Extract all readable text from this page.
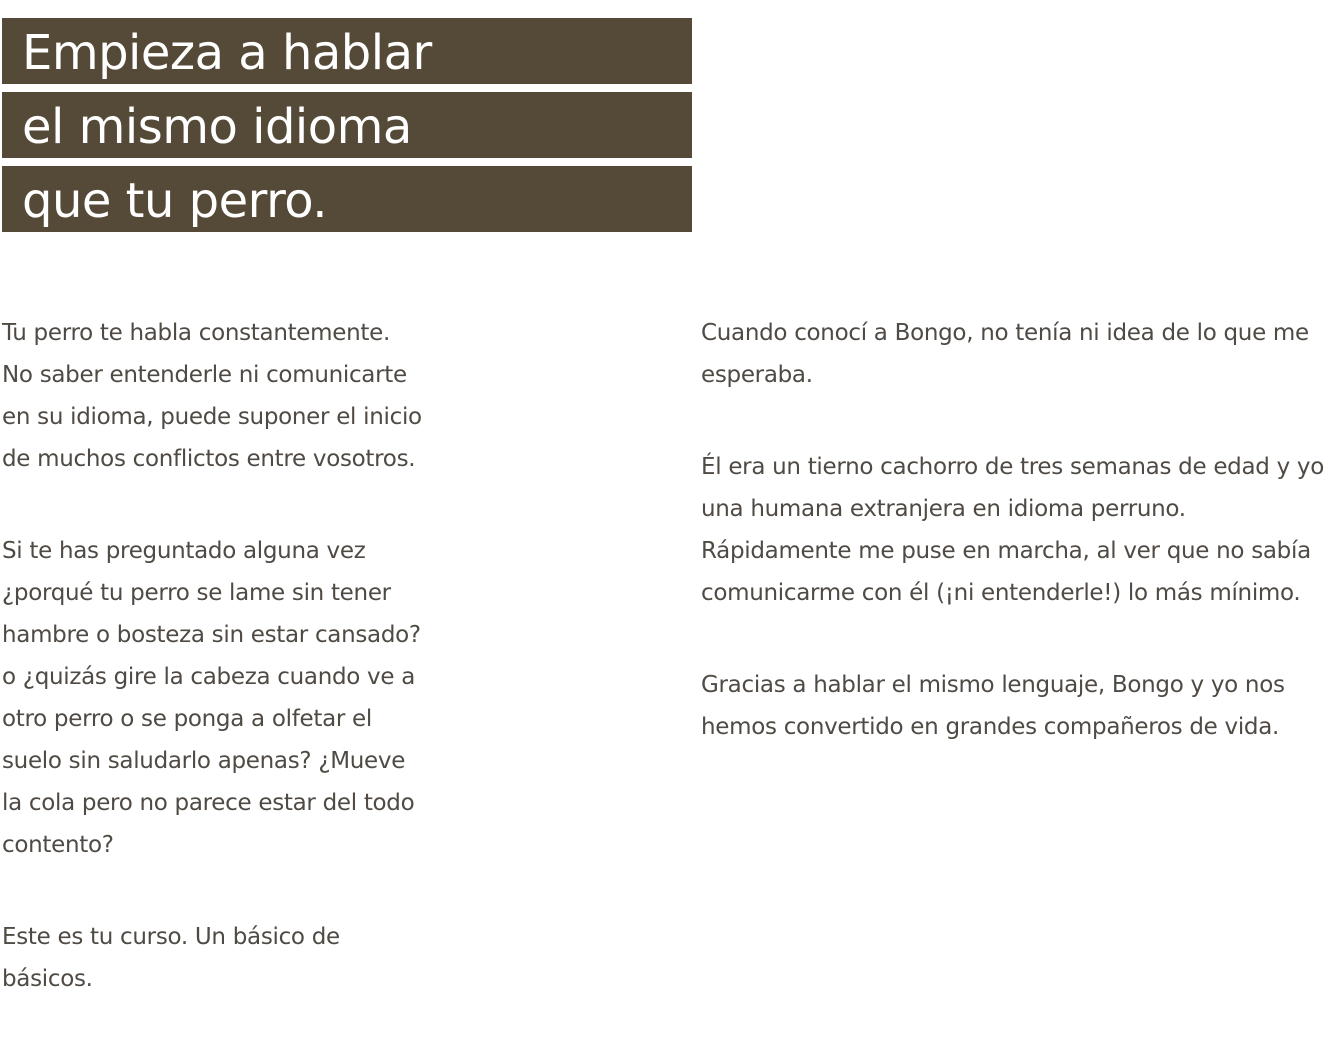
Empieza a hablar
el mismo idioma
que tu perro.

Tu perro te habla constantemente.
No saber entenderle ni comunicarte
en su idioma, puede suponer el inicio
de muchos conflictos entre vosotros.

Si te has preguntado alguna vez
¿porqué tu perro se lame sin tener
hambre o bosteza sin estar cansado?
o ¿quizás gire la cabeza cuando ve a
otro perro o se ponga a olfetar el
suelo sin saludarlo apenas? ¿Mueve
la cola pero no parece estar del todo
contento?

Este es tu curso. Un básico de
básicos.

Cuando conocí a Bongo, no tenía ni idea de lo que me
esperaba.

Él era un tierno cachorro de tres semanas de edad y yo
una humana extranjera en idioma perruno.
Rápidamente me puse en marcha, al ver que no sabía
comunicarme con él (¡ni entenderle!) lo más mínimo.

Gracias a hablar el mismo lenguaje, Bongo y yo nos
hemos convertido en grandes compañeros de vida.
